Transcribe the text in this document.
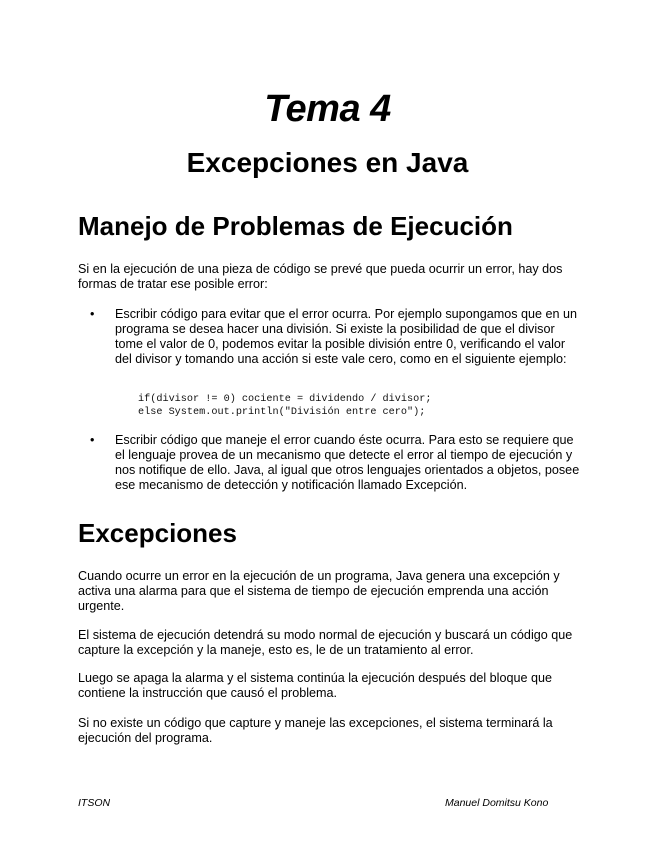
Tema 4
Excepciones en Java
Manejo de Problemas de Ejecución

Si en la ejecución de una pieza de código se prevé que pueda ocurrir un error, hay dos formas de tratar ese posible error:

• Escribir código para evitar que el error ocurra. Por ejemplo supongamos que en un programa se desea hacer una división. Si existe la posibilidad de que el divisor tome el valor de 0, podemos evitar la posible división entre 0, verificando el valor del divisor y tomando una acción si este vale cero, como en el siguiente ejemplo:

if(divisor != 0) cociente = dividendo / divisor;
else System.out.println("División entre cero");
• Escribir código que maneje el error cuando éste ocurra. Para esto se requiere que el lenguaje provea de un mecanismo que detecte el error al tiempo de ejecución y nos notifique de ello. Java, al igual que otros lenguajes orientados a objetos, posee ese mecanismo de detección y notificación llamado Excepción.

Excepciones

Cuando ocurre un error en la ejecución de un programa, Java genera una excepción y activa una alarma para que el sistema de tiempo de ejecución emprenda una acción urgente.

El sistema de ejecución detendrá su modo normal de ejecución y buscará un código que capture la excepción y la maneje, esto es, le de un tratamiento al error.

Luego se apaga la alarma y el sistema continúa la ejecución después del bloque que contiene la instrucción que causó el problema.

Si no existe un código que capture y maneje las excepciones, el sistema terminará la ejecución del programa.

ITSON	Manuel Domitsu Kono
